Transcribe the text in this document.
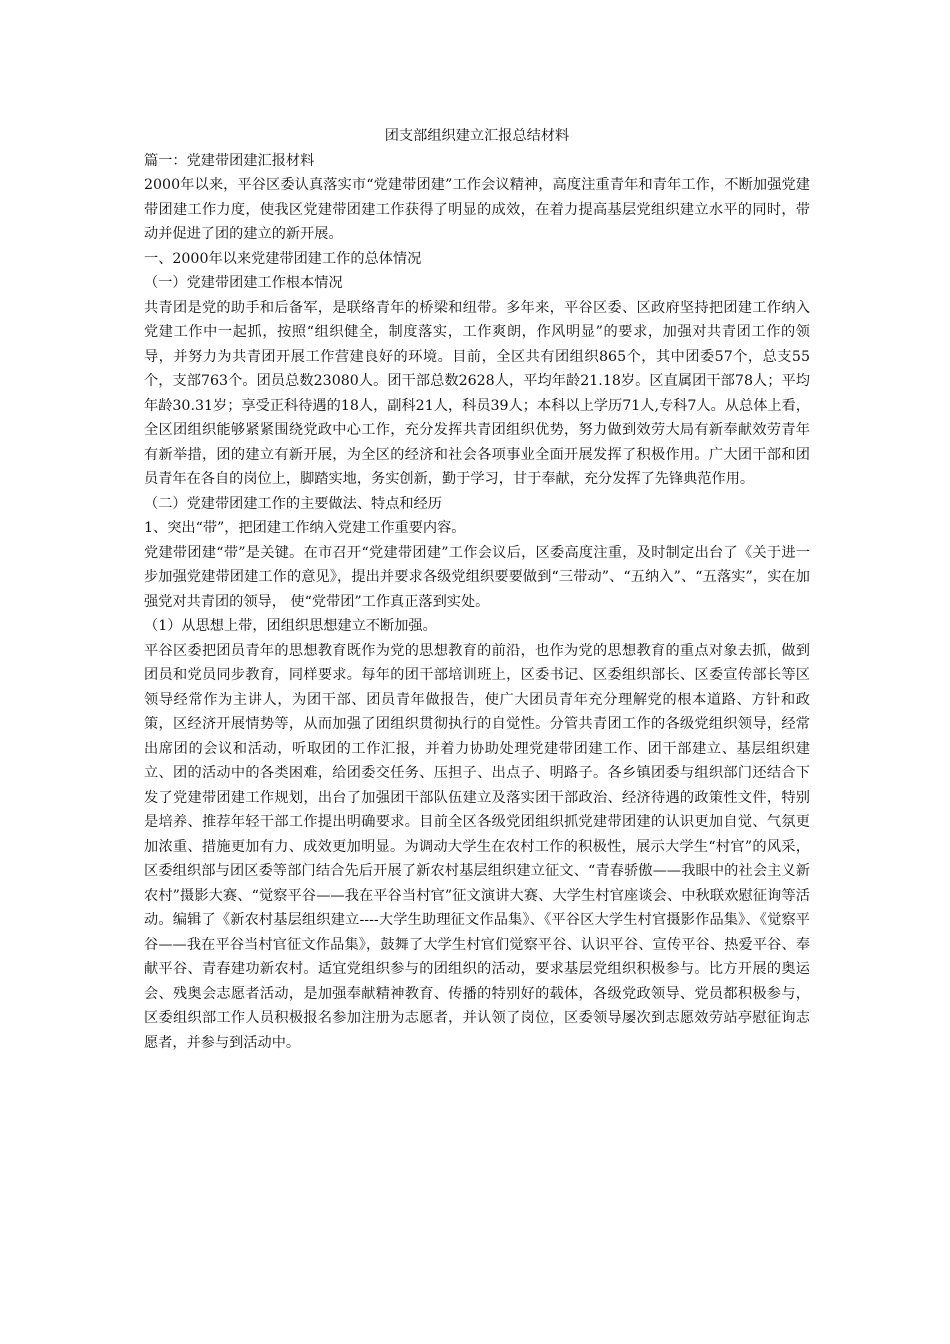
团支部组织建立汇报总结材料

篇一：党建带团建汇报材料

2000年以来，平谷区委认真落实市“党建带团建”工作会议精神，高度注重青年和青年工作，不断加强党建带团建工作力度，使我区党建带团建工作获得了明显的成效，在着力提高基层党组织建立水平的同时，带动并促进了团的建立的新开展。

一、2000年以来党建带团建工作的总体情况

（一）党建带团建工作根本情况

共青团是党的助手和后备军，是联络青年的桥梁和纽带。多年来，平谷区委、区政府坚持把团建工作纳入党建工作中一起抓，按照“组织健全，制度落实，工作爽朗，作风明显”的要求，加强对共青团工作的领导，并努力为共青团开展工作营建良好的环境。目前，全区共有团组织865个，其中团委57个，总支55个，支部763个。团员总数23080人。团干部总数2628人，平均年龄21.18岁。区直属团干部78人；平均年龄30.31岁；享受正科待遇的18人，副科21人，科员39人；本科以上学历71人,专科7人。从总体上看，全区团组织能够紧紧围绕党政中心工作，充分发挥共青团组织优势，努力做到效劳大局有新奉献效劳青年有新举措，团的建立有新开展，为全区的经济和社会各项事业全面开展发挥了积极作用。广大团干部和团员青年在各自的岗位上，脚踏实地，务实创新，勤于学习，甘于奉献，充分发挥了先锋典范作用。

（二）党建带团建工作的主要做法、特点和经历

1、突出“带”，把团建工作纳入党建工作重要内容。

党建带团建“带”是关键。在市召开“党建带团建”工作会议后，区委高度注重，及时制定出台了《关于进一步加强党建带团建工作的意见》，提出并要求各级党组织要要做到“三带动”、“五纳入”、“五落实”，实在加强党对共青团的领导， 使“党带团”工作真正落到实处。

（1）从思想上带，团组织思想建立不断加强。

平谷区委把团员青年的思想教育既作为党的思想教育的前沿，也作为党的思想教育的重点对象去抓，做到团员和党员同步教育，同样要求。每年的团干部培训班上，区委书记、区委组织部长、区委宣传部长等区领导经常作为主讲人，为团干部、团员青年做报告，使广大团员青年充分理解党的根本道路、方针和政策，区经济开展情势等，从而加强了团组织贯彻执行的自觉性。分管共青团工作的各级党组织领导，经常出席团的会议和活动，听取团的工作汇报，并着力协助处理党建带团建工作、团干部建立、基层组织建立、团的活动中的各类困难，给团委交任务、压担子、出点子、明路子。各乡镇团委与组织部门还结合下发了党建带团建工作规划，出台了加强团干部队伍建立及落实团干部政治、经济待遇的政策性文件，特别是培养、推荐年轻干部工作提出明确要求。目前全区各级党团组织抓党建带团建的认识更加自觉、气氛更加浓重、措施更加有力、成效更加明显。为调动大学生在农村工作的积极性，展示大学生“村官”的风采，区委组织部与团区委等部门结合先后开展了新农村基层组织建立征文、“青春骄傲——我眼中的社会主义新农村”摄影大赛、“觉察平谷——我在平谷当村官”征文演讲大赛、大学生村官座谈会、中秋联欢慰征询等活动。编辑了《新农村基层组织建立----大学生助理征文作品集》、《平谷区大学生村官摄影作品集》、《觉察平谷——我在平谷当村官征文作品集》，鼓舞了大学生村官们觉察平谷、认识平谷、宣传平谷、热爱平谷、奉献平谷、青春建功新农村。适宜党组织参与的团组织的活动，要求基层党组织积极参与。比方开展的奥运会、残奥会志愿者活动，是加强奉献精神教育、传播的特别好的载体，各级党政领导、党员都积极参与，区委组织部工作人员积极报名参加注册为志愿者，并认领了岗位，区委领导屡次到志愿效劳站亭慰征询志愿者，并参与到活动中。
